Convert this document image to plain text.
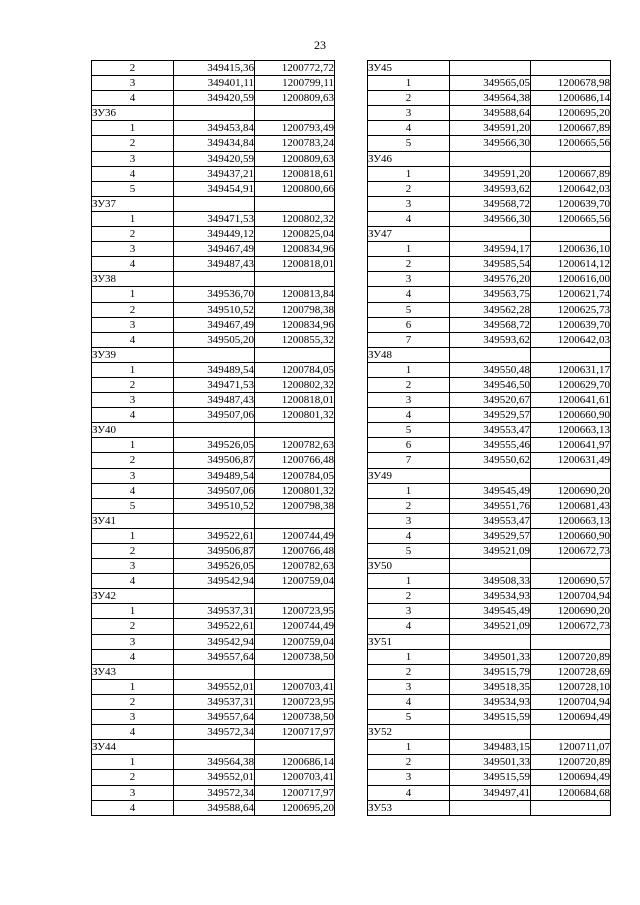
23
2	349415,36	1200772,72
3	349401,11	1200799,11
4	349420,59	1200809,63
ЗУ36		
1	349453,84	1200793,49
2	349434,84	1200783,24
3	349420,59	1200809,63
4	349437,21	1200818,61
5	349454,91	1200800,66
ЗУ37		
1	349471,53	1200802,32
2	349449,12	1200825,04
3	349467,49	1200834,96
4	349487,43	1200818,01
ЗУ38		
1	349536,70	1200813,84
2	349510,52	1200798,38
3	349467,49	1200834,96
4	349505,20	1200855,32
ЗУ39		
1	349489,54	1200784,05
2	349471,53	1200802,32
3	349487,43	1200818,01
4	349507,06	1200801,32
ЗУ40		
1	349526,05	1200782,63
2	349506,87	1200766,48
3	349489,54	1200784,05
4	349507,06	1200801,32
5	349510,52	1200798,38
ЗУ41		
1	349522,61	1200744,49
2	349506,87	1200766,48
3	349526,05	1200782,63
4	349542,94	1200759,04
ЗУ42		
1	349537,31	1200723,95
2	349522,61	1200744,49
3	349542,94	1200759,04
4	349557,64	1200738,50
ЗУ43		
1	349552,01	1200703,41
2	349537,31	1200723,95
3	349557,64	1200738,50
4	349572,34	1200717,97
ЗУ44		
1	349564,38	1200686,14
2	349552,01	1200703,41
3	349572,34	1200717,97
4	349588,64	1200695,20
ЗУ45		
1	349565,05	1200678,98
2	349564,38	1200686,14
3	349588,64	1200695,20
4	349591,20	1200667,89
5	349566,30	1200665,56
ЗУ46		
1	349591,20	1200667,89
2	349593,62	1200642,03
3	349568,72	1200639,70
4	349566,30	1200665,56
ЗУ47		
1	349594,17	1200636,10
2	349585,54	1200614,12
3	349576,20	1200616,00
4	349563,75	1200621,74
5	349562,28	1200625,73
6	349568,72	1200639,70
7	349593,62	1200642,03
ЗУ48		
1	349550,48	1200631,17
2	349546,50	1200629,70
3	349520,67	1200641,61
4	349529,57	1200660,90
5	349553,47	1200663,13
6	349555,46	1200641,97
7	349550,62	1200631,49
ЗУ49		
1	349545,49	1200690,20
2	349551,76	1200681,43
3	349553,47	1200663,13
4	349529,57	1200660,90
5	349521,09	1200672,73
ЗУ50		
1	349508,33	1200690,57
2	349534,93	1200704,94
3	349545,49	1200690,20
4	349521,09	1200672,73
ЗУ51		
1	349501,33	1200720,89
2	349515,79	1200728,69
3	349518,35	1200728,10
4	349534,93	1200704,94
5	349515,59	1200694,49
ЗУ52		
1	349483,15	1200711,07
2	349501,33	1200720,89
3	349515,59	1200694,49
4	349497,41	1200684,68
ЗУ53		
